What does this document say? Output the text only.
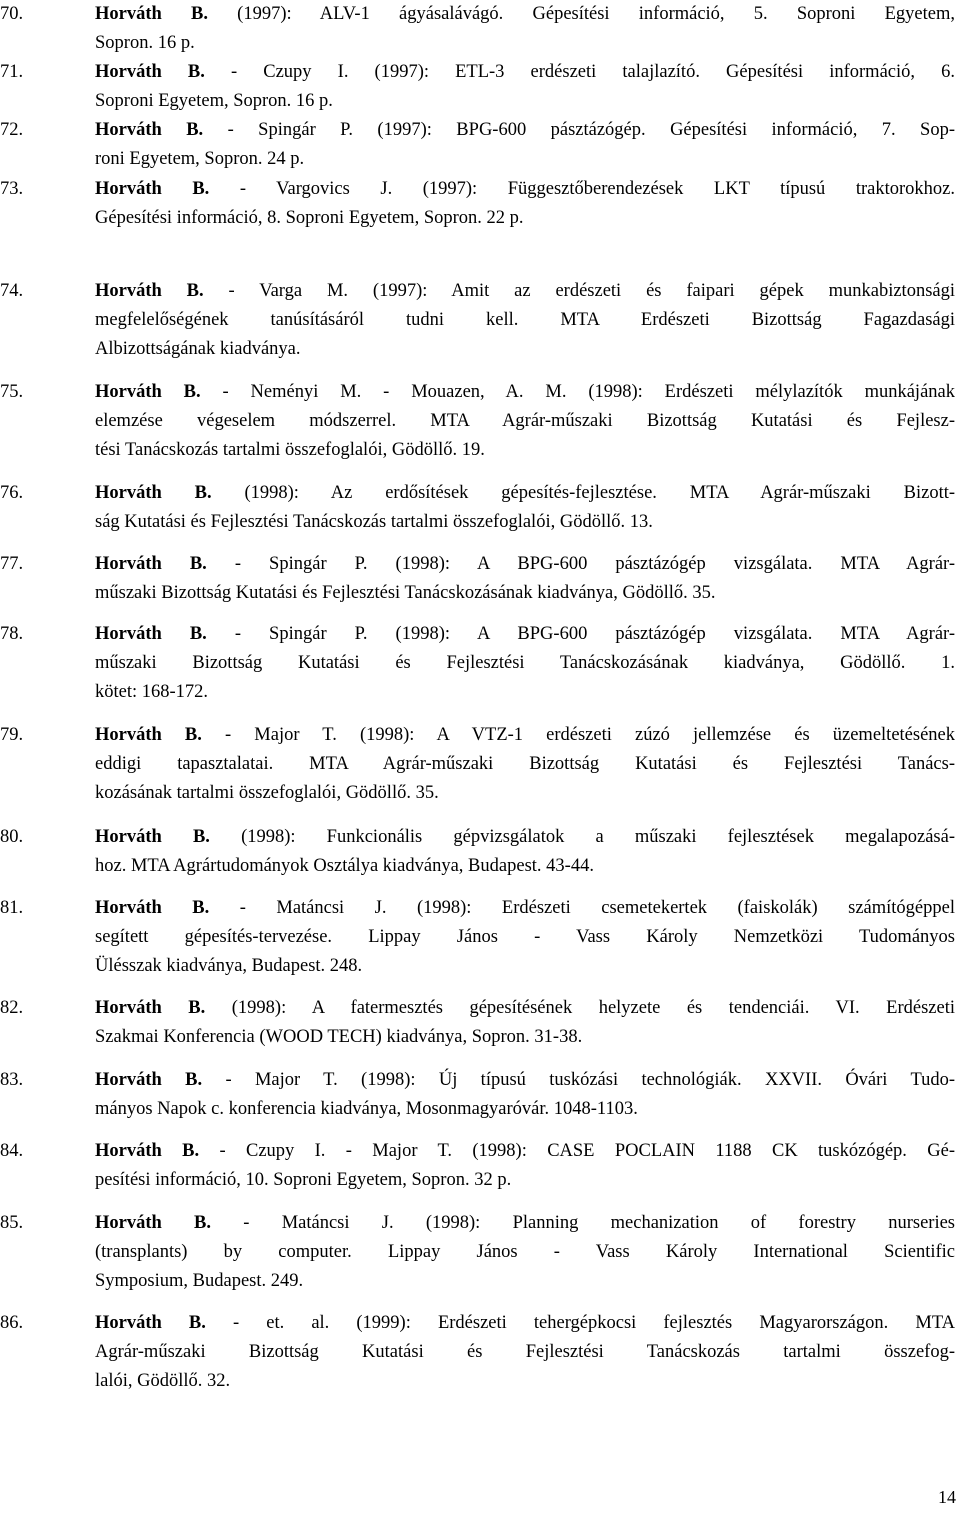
70.	Horváth B. (1997): ALV-1 ágyásalávágó. Gépesítési információ, 5. Soproni Egyetem,
Sopron. 16 p.
71.	Horváth B. - Czupy I. (1997): ETL-3 erdészeti talajlazító. Gépesítési információ, 6.
Soproni Egyetem, Sopron. 16 p.
72.	Horváth B. - Spingár P. (1997): BPG-600 pásztázógép. Gépesítési információ, 7. Sop-
roni Egyetem, Sopron. 24 p.
73.	Horváth B. - Vargovics J. (1997): Függesztőberendezések LKT típusú traktorokhoz.
Gépesítési információ, 8. Soproni Egyetem, Sopron. 22 p.
74.	Horváth B. - Varga M. (1997): Amit az erdészeti és faipari gépek munkabiztonsági
megfelelőségének tanúsításáról tudni kell. MTA Erdészeti Bizottság Fagazdasági
Albizottságának kiadványa.
75.	Horváth B. - Neményi M. - Mouazen, A. M. (1998): Erdészeti mélylazítók munkájának
elemzése végeselem módszerrel. MTA Agrár-műszaki Bizottság Kutatási és Fejlesz-
tési Tanácskozás tartalmi összefoglalói, Gödöllő. 19.
76.	Horváth B. (1998): Az erdősítések gépesítés-fejlesztése. MTA Agrár-műszaki Bizott-
ság Kutatási és Fejlesztési Tanácskozás tartalmi összefoglalói, Gödöllő. 13.
77.	Horváth B. - Spingár P. (1998): A BPG-600 pásztázógép vizsgálata. MTA Agrár-
műszaki Bizottság Kutatási és Fejlesztési Tanácskozásának kiadványa, Gödöllő. 35.
78.	Horváth B. - Spingár P. (1998): A BPG-600 pásztázógép vizsgálata. MTA Agrár-
műszaki Bizottság Kutatási és Fejlesztési Tanácskozásának kiadványa, Gödöllő. 1.
kötet: 168-172.
79.	Horváth B. - Major T. (1998): A VTZ-1 erdészeti zúzó jellemzése és üzemeltetésének
eddigi tapasztalatai. MTA Agrár-műszaki Bizottság Kutatási és Fejlesztési Tanács-
kozásának tartalmi összefoglalói, Gödöllő. 35.
80.	Horváth B. (1998): Funkcionális gépvizsgálatok a műszaki fejlesztések megalapozásá-
hoz. MTA Agrártudományok Osztálya kiadványa, Budapest. 43-44.
81.	Horváth B. - Matáncsi J. (1998): Erdészeti csemetekertek (faiskolák) számítógéppel
segített gépesítés-tervezése. Lippay János - Vass Károly Nemzetközi Tudományos
Ülésszak kiadványa, Budapest. 248.
82.	Horváth B. (1998): A fatermesztés gépesítésének helyzete és tendenciái. VI. Erdészeti
Szakmai Konferencia (WOOD TECH) kiadványa, Sopron. 31-38.
83.	Horváth B. - Major T. (1998): Új típusú tuskózási technológiák. XXVII. Óvári Tudo-
mányos Napok c. konferencia kiadványa, Mosonmagyaróvár. 1048-1103.
84.	Horváth B. - Czupy I. - Major T. (1998): CASE POCLAIN 1188 CK tuskózógép. Gé-
pesítési információ, 10. Soproni Egyetem, Sopron. 32 p.
85.	Horváth B. - Matáncsi J. (1998): Planning mechanization of forestry nurseries
(transplants) by computer. Lippay János - Vass Károly International Scientific
Symposium, Budapest. 249.
86.	Horváth B. - et. al. (1999): Erdészeti tehergépkocsi fejlesztés Magyarországon. MTA
Agrár-műszaki Bizottság Kutatási és Fejlesztési Tanácskozás tartalmi összefog-
lalói, Gödöllő. 32.
14
